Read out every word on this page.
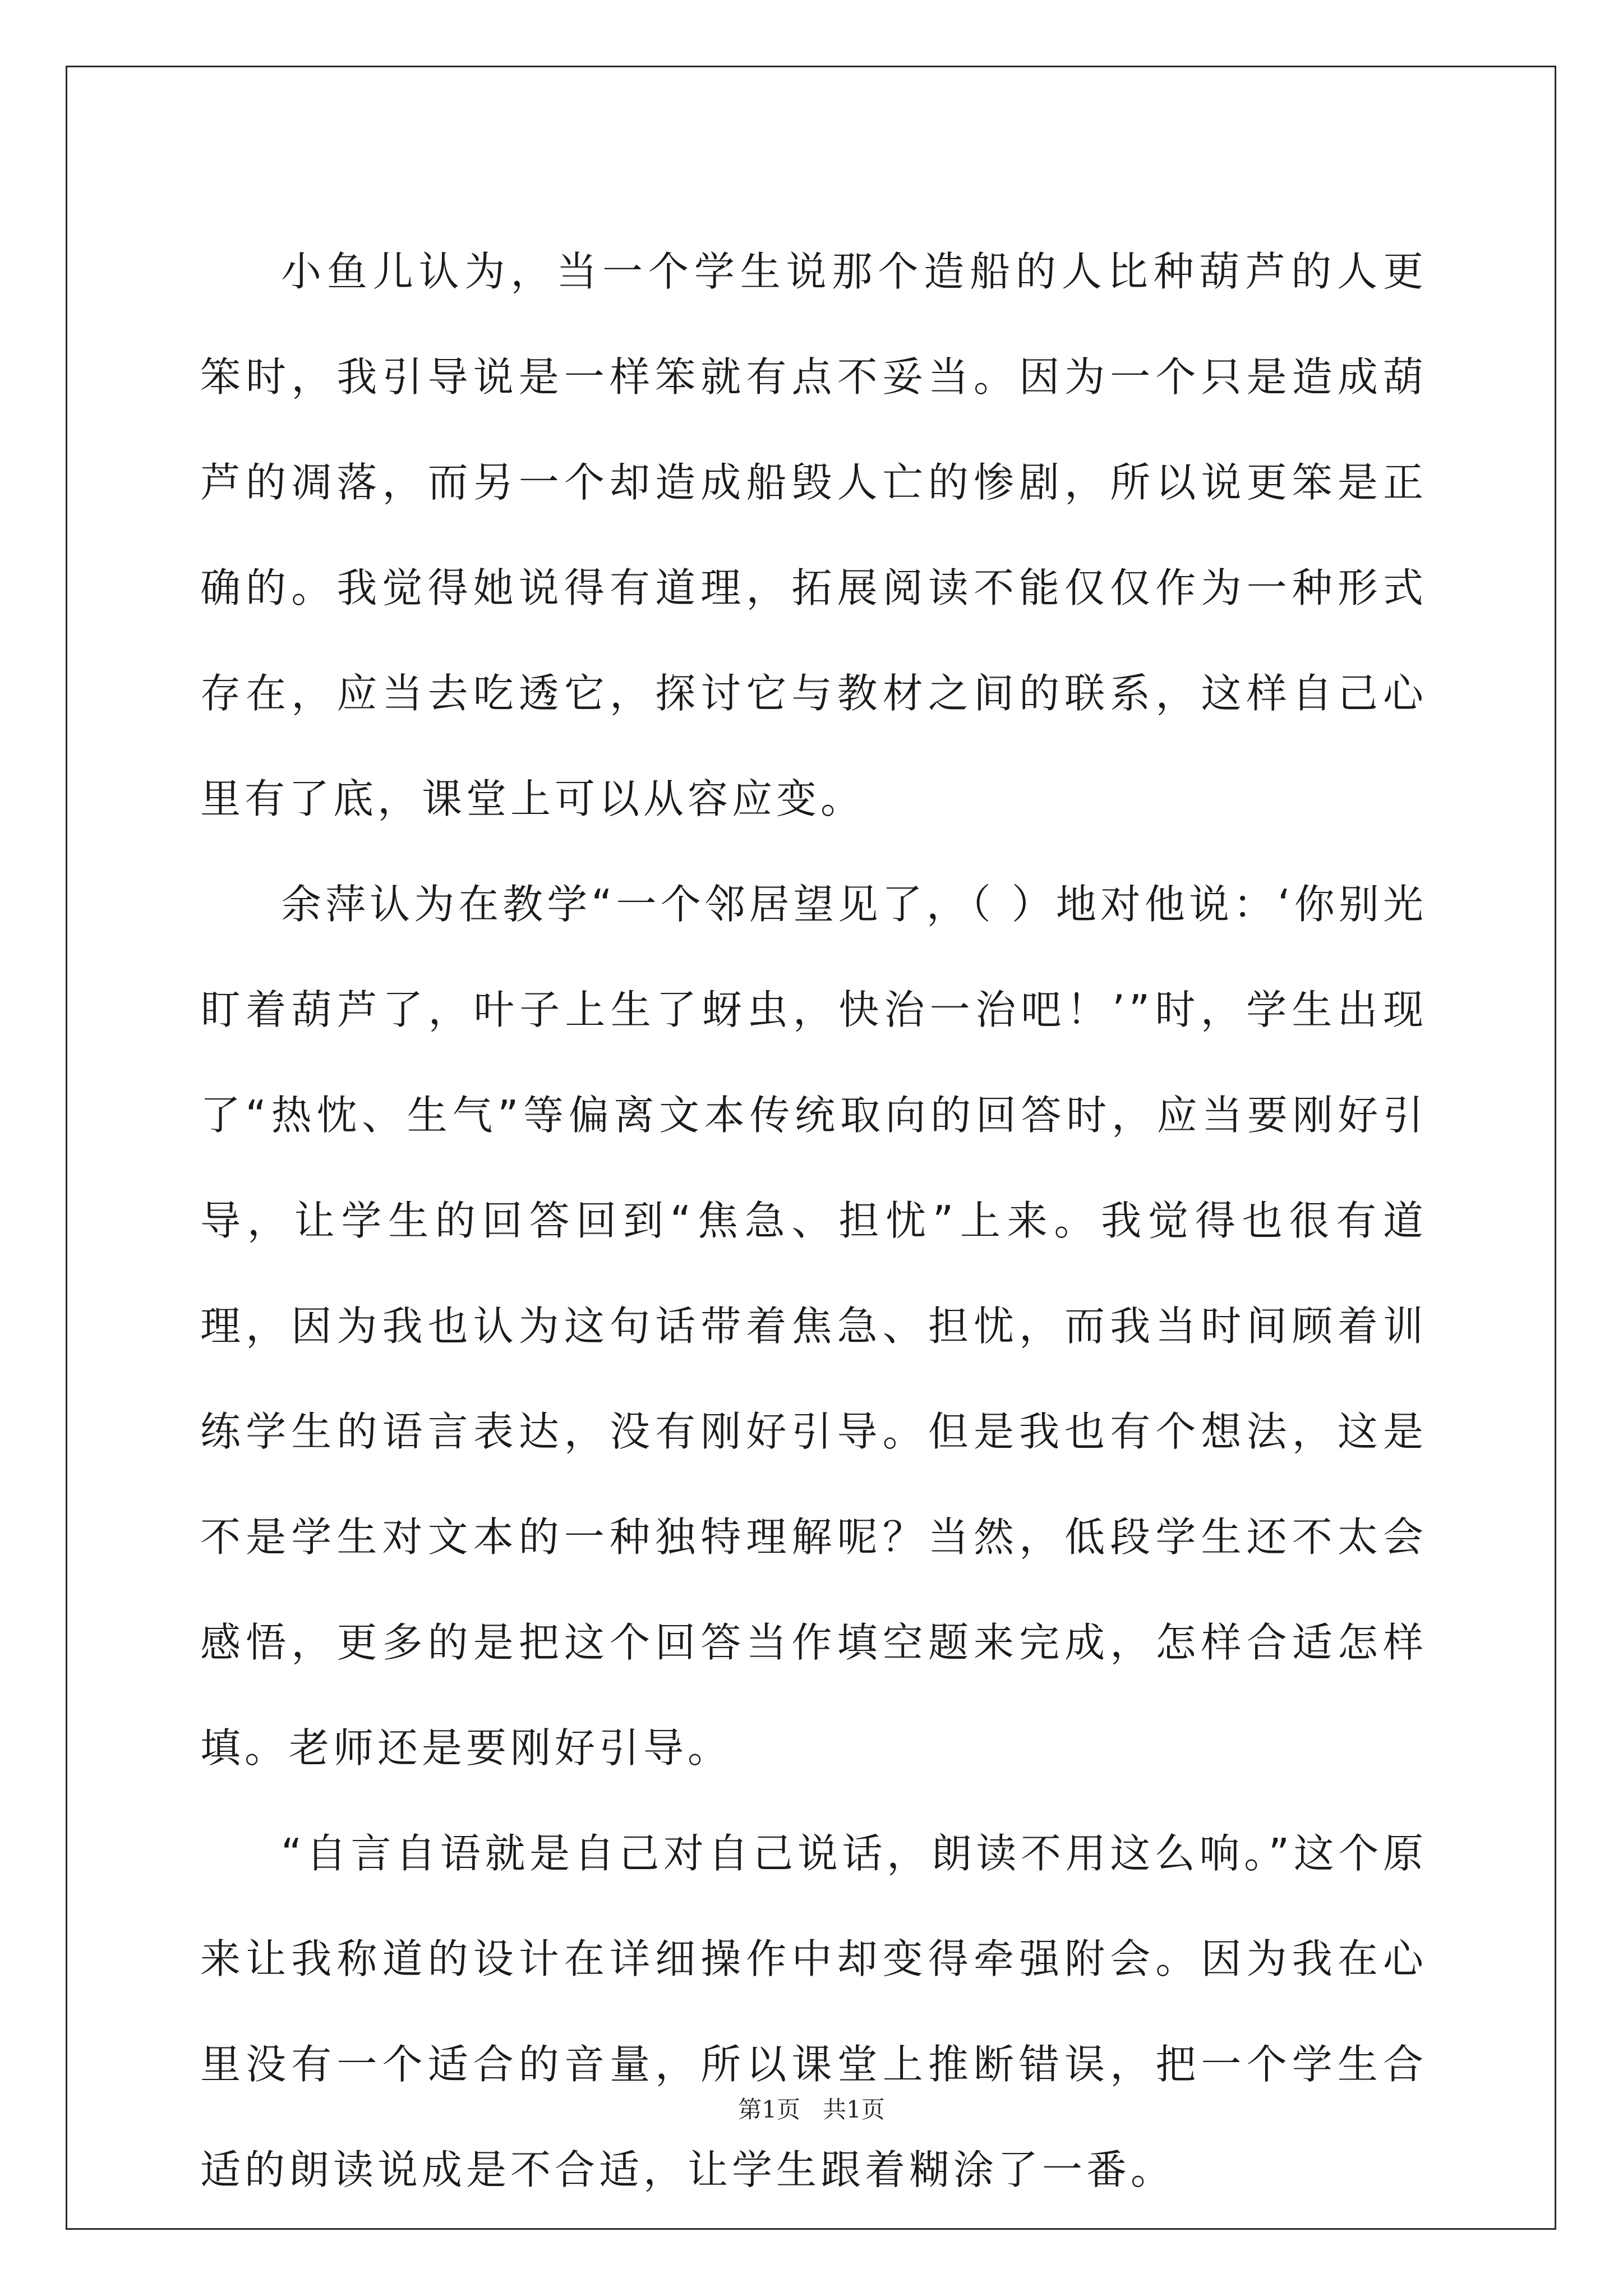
小鱼儿认为，当一个学生说那个造船的人比种葫芦的人更笨时，我引导说是一样笨就有点不妥当。因为一个只是造成葫芦的凋落，而另一个却造成船毁人亡的惨剧，所以说更笨是正确的。我觉得她说得有道理，拓展阅读不能仅仅作为一种形式存在，应当去吃透它，探讨它与教材之间的联系，这样自己心里有了底，课堂上可以从容应变。

余萍认为在教学“一个邻居望见了，（ ）地对他说：‘你别光盯着葫芦了，叶子上生了蚜虫，快治一治吧！’”时，学生出现了“热忱、生气”等偏离文本传统取向的回答时，应当要刚好引导，让学生的回答回到“焦急、担忧”上来。我觉得也很有道理，因为我也认为这句话带着焦急、担忧，而我当时间顾着训练学生的语言表达，没有刚好引导。但是我也有个想法，这是不是学生对文本的一种独特理解呢？当然，低段学生还不太会感悟，更多的是把这个回答当作填空题来完成，怎样合适怎样填。老师还是要刚好引导。

“自言自语就是自己对自己说话，朗读不用这么响。”这个原来让我称道的设计在详细操作中却变得牵强附会。因为我在心里没有一个适合的音量，所以课堂上推断错误，把一个学生合适的朗读说成是不合适，让学生跟着糊涂了一番。

第1页   共1页
